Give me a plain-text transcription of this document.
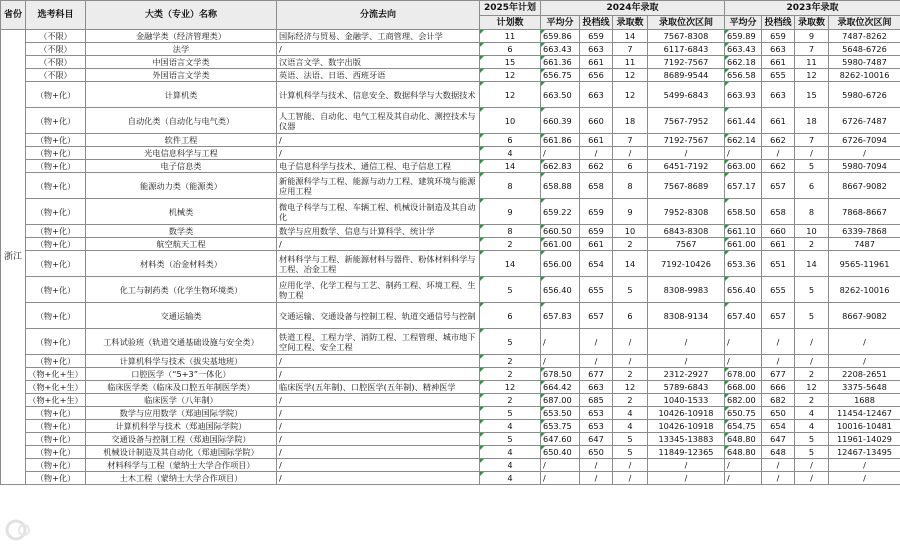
省份	选考科目	大类（专业）名称	分流去向	2025年计划	2024年录取				2023年录取			
				计划数	平均分	投档线	录取数	录取位次区间	平均分	投档线	录取数	录取位次区间
浙江	（不限）	金融学类（经济管理类）	国际经济与贸易、金融学、工商管理、会计学	11	659.86	659	14	7567-8308	659.89	659	9	7487-8262
	（不限）	法学	/	6	663.43	663	7	6117-6843	663.43	663	7	5648-6726
	（不限）	中国语言文学类	汉语言文学、数字出版	15	661.36	661	11	7192-7567	662.18	661	11	5980-7487
	（不限）	外国语言文学类	英语、法语、日语、西班牙语	12	656.75	656	12	8689-9544	656.58	655	12	8262-10016
	（物+化）	计算机类	计算机科学与技术、信息安全、数据科学与大数据技术	12	663.50	663	12	5499-6843	663.93	663	15	5980-6726
	（物+化）	自动化类（自动化与电气类）	人工智能、自动化、电气工程及其自动化、测控技术与仪器	10	660.39	660	18	7567-7952	661.44	661	18	6726-7487
	（物+化）	软件工程	/	6	661.86	661	7	7192-7567	662.14	662	7	6726-7094
	（物+化）	光电信息科学与工程	/	4	/	/	/	/	/	/	/	/
	（物+化）	电子信息类	电子信息科学与技术、通信工程、电子信息工程	14	662.83	662	6	6451-7192	663.00	662	5	5980-7094
	（物+化）	能源动力类（能源类）	新能源科学与工程、能源与动力工程、建筑环境与能源应用工程	8	658.88	658	8	7567-8689	657.17	657	6	8667-9082
	（物+化）	机械类	微电子科学与工程、车辆工程、机械设计制造及其自动化	9	659.22	659	9	7952-8308	658.50	658	8	7868-8667
	（物+化）	数学类	数学与应用数学、信息与计算科学、统计学	8	660.50	659	10	6843-8308	661.10	660	10	6339-7868
	（物+化）	航空航天工程	/	2	661.00	661	2	7567	661.00	661	2	7487
	（物+化）	材料类（冶金材料类）	材料科学与工程、新能源材料与器件、粉体材料科学与工程、冶金工程	14	656.00	654	14	7192-10426	653.36	651	14	9565-11961
	（物+化）	化工与制药类（化学生物环境类）	应用化学、化学工程与工艺、制药工程、环境工程、生物工程	5	656.40	655	5	8308-9983	656.40	655	5	8262-10016
	（物+化）	交通运输类	交通运输、交通设备与控制工程、轨道交通信号与控制	6	657.83	657	6	8308-9134	657.40	657	5	8667-9082
	（物+化）	工科试验班（轨道交通基础设施与安全类）	铁道工程、工程力学、消防工程、工程管理、城市地下空间工程、安全工程	5	/	/	/	/	/	/	/	/
	（物+化）	计算机科学与技术（拔尖基地班）	/	2	/	/	/	/	/	/	/	/
	（物+化+生）	口腔医学（“5+3”一体化）	/	2	678.50	677	2	2312-2927	678.00	677	2	2208-2651
	（物+化+生）	临床医学类（临床及口腔五年制医学类）	临床医学(五年制)、口腔医学(五年制)、精神医学	12	664.42	663	12	5789-6843	668.00	666	12	3375-5648
	（物+化+生）	临床医学（八年制）	/	2	687.00	685	2	1040-1533	682.00	682	2	1688
	（物+化）	数学与应用数学（郑迪国际学院）	/	5	653.50	653	4	10426-10918	650.75	650	4	11454-12467
	（物+化）	计算机科学与技术（郑迪国际学院）	/	4	653.75	653	4	10426-10918	654.75	654	4	10016-10481
	（物+化）	交通设备与控制工程（郑迪国际学院）	/	5	647.60	647	5	13345-13883	648.80	647	5	11961-14029
	（物+化）	机械设计制造及其自动化（郑迪国际学院）	/	4	650.40	650	5	11849-12365	648.80	648	5	12467-13495
	（物+化）	材料科学与工程（蒙纳士大学合作项目）	/	4	/	/	/	/	/	/	/	/
	（物+化）	土木工程（蒙纳士大学合作项目）	/	4	/	/	/	/	/	/	/	/
